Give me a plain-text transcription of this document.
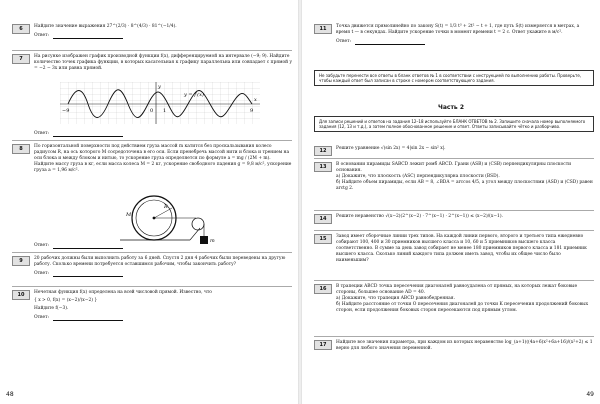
6	Найдите значение выражения 27^(2/3) · 8^(4/3) · 81^(−1/4).
Ответ:
7	На рисунке изображен график производной функции f(x), дифференцируемой на интервале (−9; 9). Найдите количество точек графика функции, в которых касательная к графику параллельна или совпадает с прямой y = −2 − 3x или равна прямой.
−9	0 1	9
y
y = f′(x)
x
Ответ:
8	По горизонтальной поверхности под действием груза массой m катится без проскальзывания колесо радиусом R, на ось которого M сосредоточена в его оси. Если пренебречь массой нити и блока и трением на оси блока и между блоком и нитью, то ускорение груза определяется по формуле a = mg / (2M + m). Найдите массу груза в кг, если масса колеса M = 2 кг, ускорение свободного падения g = 9,8 м/с², ускорение груза a = 1,96 м/с².
R
M
m
Ответ:
9	20 рабочих должны были выполнить работу за 6 дней. Спустя 2 дня 4 рабочих были переведены на другую работу. Сколько времени потребуется оставшимся рабочим, чтобы закончить работу?
Ответ:
10	Нечетная функция f(x) определена на всей числовой прямой. Известно, что
{ x > 0, f(x) = (x−2)/(x−2) }
Найдите f(−3).
Ответ:
48
11	Точка движется прямолинейно по закону S(t) = 1/3 t³ + 2t² − t + 1, где путь S(t) измеряется в метрах, а время t — в секундах. Найдите ускорение точки в момент времени t = 2 с. Ответ укажите в м/с².
Ответ:
Не забудьте перенести все ответы в бланк ответов № 1 в соответствии с инструкцией по выполнению работы. Проверьте, чтобы каждый ответ был записан в строке с номером соответствующего задания.
Часть 2
Для записи решений и ответов на задания 12–18 используйте БЛАНК ОТВЕТОВ № 2. Запишите сначала номер выполняемого задания (12, 13 и т.д.), а затем полное обоснованное решение и ответ. Ответы записывайте чётко и разборчиво.
12	Решите уравнение √(sin 2x) = 4|sin 2x − sin² x|.
13	В основании пирамиды SABCD лежит ромб ABCD. Грани (ASB) и (CSB) перпендикулярны плоскости основания.
а) Докажите, что плоскость (ASC) перпендикулярна плоскости (BSD).
б) Найдите объем пирамиды, если AB = 8, ∠BDA = arccos 4/5, а угол между плоскостями (ASD) и (CSD) равен arctg 2.
14	Решите неравенство √(x−2)(2^(x−2) · 7^(x−1) · 2^(x−1)) ≤ (x−2)/(x−1).
15	Завод имеет сборочные линии трех типов. На каждой линии первого, второго и третьего типа ежедневно собирают 100, 400 и 30 приемников высшего класса и 10, 60 и 5 приемников высшего класса соответственно. В сумме за день завод собирает не менее 180 приемников первого класса и 181 приемник высшего класса. Сколько линий каждого типа должен иметь завод, чтобы их общее число было наименьшим?
16	В трапеции ABCD точка пересечения диагоналей равноудалена от прямых, на которых лежат боковые стороны, большее основание AD = 40.
а) Докажите, что трапеция ABCD равнобедренная.
б) Найдите расстояние от точки O пересечения диагоналей до точки K пересечения продолжений боковых сторон, если продолжения боковых сторон пересекаются под прямым углом.
17	Найдите все значения параметра, при каждом из которых неравенство log_(a+1)((4a+6)x²+6a+16)/(x²+2) ≤ 1 верно для любого значения переменной.
49
